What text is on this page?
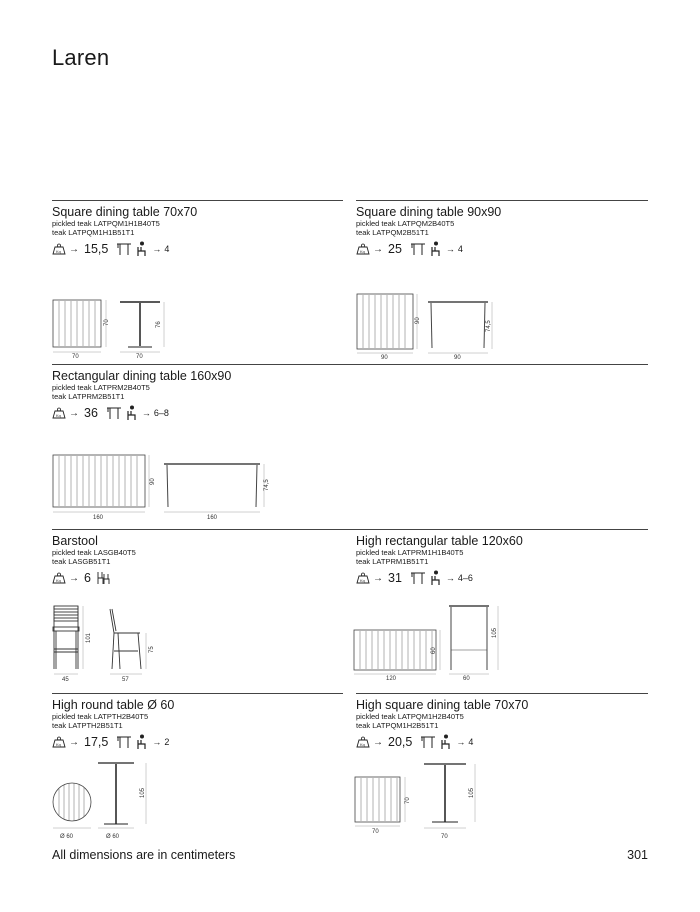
Laren
Square dining table 70x70
pickled teak LATPQM1H1B40T5
teak LATPQM1H1B51T1
Kg → 15,5	→ 4
70
70
70
76
Square dining table 90x90
pickled teak LATPQM2B40T5
teak LATPQM2B51T1
Kg → 25	→ 4
90
90
90
74,5
Rectangular dining table 160x90
pickled teak LATPRM2B40T5
teak LATPRM2B51T1
Kg → 36	→ 6–8
160
90
160
74,5
Barstool
pickled teak LASGB40T5
teak LASGB51T1
Kg → 6
45
101
57
75
High rectangular table 120x60
pickled teak LATPRM1H1B40T5
teak LATPRM1B51T1
Kg → 31	→ 4–6
120
60
60
105
High round table Ø 60
pickled teak LATPTH2B40T5
teak LATPTH2B51T1
Kg → 17,5	→ 2
Ø 60	Ø 60
105
High square dining table 70x70
pickled teak LATPQM1H2B40T5
teak LATPQM1H2B51T1
Kg → 20,5	→ 4
70
70
70
105
All dimensions are in centimeters	301
